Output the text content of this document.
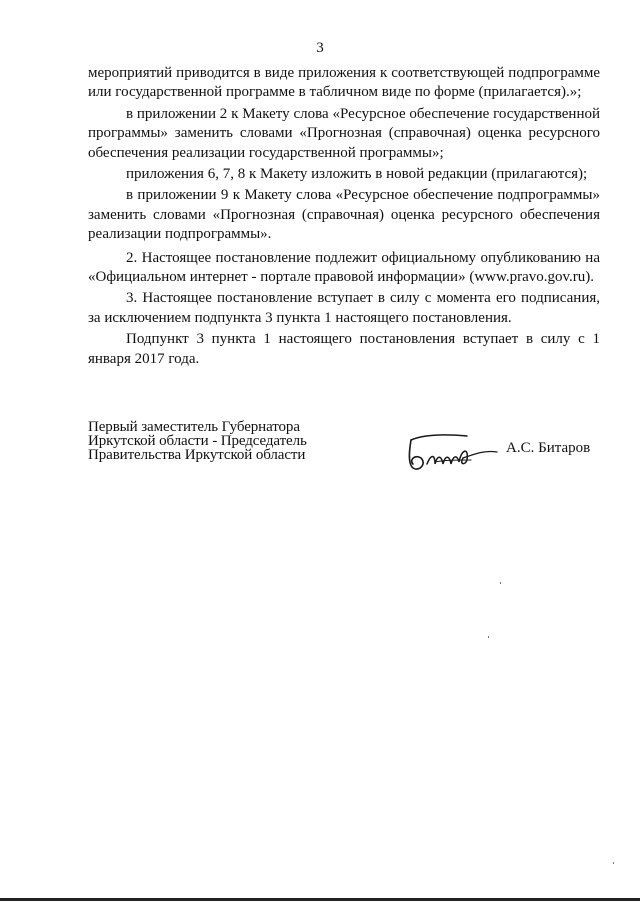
3

мероприятий приводится в виде приложения к соответствующей подпрограмме или государственной программе в табличном виде по форме (прилагается).»;

в приложении 2 к Макету слова «Ресурсное обеспечение государственной программы» заменить словами «Прогнозная (справочная) оценка ресурсного обеспечения реализации государственной программы»;

приложения 6, 7, 8 к Макету изложить в новой редакции (прилагаются);

в приложении 9 к Макету слова «Ресурсное обеспечение подпрограммы» заменить словами «Прогнозная (справочная) оценка ресурсного обеспечения реализации подпрограммы».

2. Настоящее постановление подлежит официальному опубликованию на «Официальном интернет - портале правовой информации» (www.pravo.gov.ru).

3. Настоящее постановление вступает в силу с момента его подписания, за исключением подпункта 3 пункта 1 настоящего постановления.

Подпункт 3 пункта 1 настоящего постановления вступает в силу с 1 января 2017 года.

Первый заместитель Губернатора
Иркутской области - Председатель
Правительства Иркутской области	А.С. Битаров
